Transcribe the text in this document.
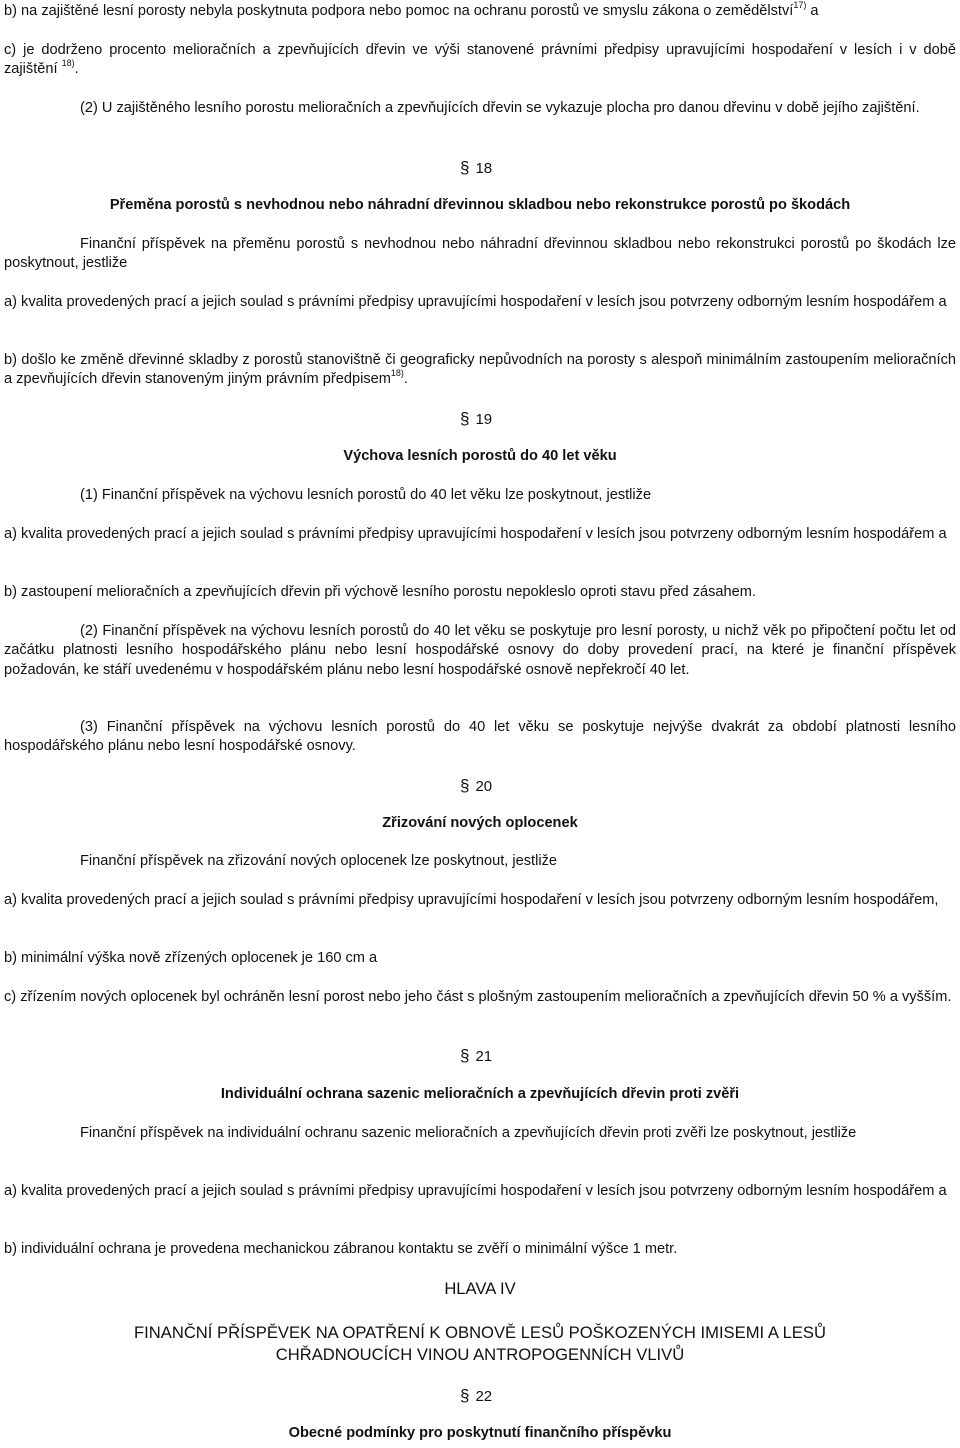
b) na zajištěné lesní porosty nebyla poskytnuta podpora nebo pomoc na ochranu porostů ve smyslu zákona o zemědělství$^{17)}$ a

c) je dodrženo procento melioračních a zpevňujících dřevin ve výši stanovené právními předpisy upravujícími hospodaření v lesích i v době zajištění $^{18)}$.

(2) U zajištěného lesního porostu melioračních a zpevňujících dřevin se vykazuje plocha pro danou dřevinu v době jejího zajištění.

§ 18

Přeměna porostů s nevhodnou nebo náhradní dřevinnou skladbou nebo rekonstrukce porostů po škodách

Finanční příspěvek na přeměnu porostů s nevhodnou nebo náhradní dřevinnou skladbou nebo rekonstrukci porostů po škodách lze poskytnout, jestliže

a) kvalita provedených prací a jejich soulad s právními předpisy upravujícími hospodaření v lesích jsou potvrzeny odborným lesním hospodářem a

b) došlo ke změně dřevinné skladby z porostů stanovištně či geograficky nepůvodních na porosty s alespoň minimálním zastoupením melioračních a zpevňujících dřevin stanoveným jiným právním předpisem$^{18)}$.

§ 19

Výchova lesních porostů do 40 let věku

(1) Finanční příspěvek na výchovu lesních porostů do 40 let věku lze poskytnout, jestliže

a) kvalita provedených prací a jejich soulad s právními předpisy upravujícími hospodaření v lesích jsou potvrzeny odborným lesním hospodářem a

b) zastoupení melioračních a zpevňujících dřevin při výchově lesního porostu nepokleslo oproti stavu před zásahem.

(2) Finanční příspěvek na výchovu lesních porostů do 40 let věku se poskytuje pro lesní porosty, u nichž věk po připočtení počtu let od začátku platnosti lesního hospodářského plánu nebo lesní hospodářské osnovy do doby provedení prací, na které je finanční příspěvek požadován, ke stáří uvedenému v hospodářském plánu nebo lesní hospodářské osnově nepřekročí 40 let.

(3) Finanční příspěvek na výchovu lesních porostů do 40 let věku se poskytuje nejvýše dvakrát za období platnosti lesního hospodářského plánu nebo lesní hospodářské osnovy.

§ 20

Zřizování nových oplocenek

Finanční příspěvek na zřizování nových oplocenek lze poskytnout, jestliže

a) kvalita provedených prací a jejich soulad s právními předpisy upravujícími hospodaření v lesích jsou potvrzeny odborným lesním hospodářem,

b) minimální výška nově zřízených oplocenek je 160 cm a

c) zřízením nových oplocenek byl ochráněn lesní porost nebo jeho část s plošným zastoupením melioračních a zpevňujících dřevin 50 % a vyšším.

§ 21

Individuální ochrana sazenic melioračních a zpevňujících dřevin proti zvěři

Finanční příspěvek na individuální ochranu sazenic melioračních a zpevňujících dřevin proti zvěři lze poskytnout, jestliže

a) kvalita provedených prací a jejich soulad s právními předpisy upravujícími hospodaření v lesích jsou potvrzeny odborným lesním hospodářem a

b) individuální ochrana je provedena mechanickou zábranou kontaktu se zvěří o minimální výšce 1 metr.

HLAVA IV

FINANČNÍ PŘÍSPĚVEK NA OPATŘENÍ K OBNOVĚ LESŮ POŠKOZENÝCH IMISEMI A LESŮ CHŘADNOUCÍCH VINOU ANTROPOGENNÍCH VLIVŮ

§ 22

Obecné podmínky pro poskytnutí finančního příspěvku
